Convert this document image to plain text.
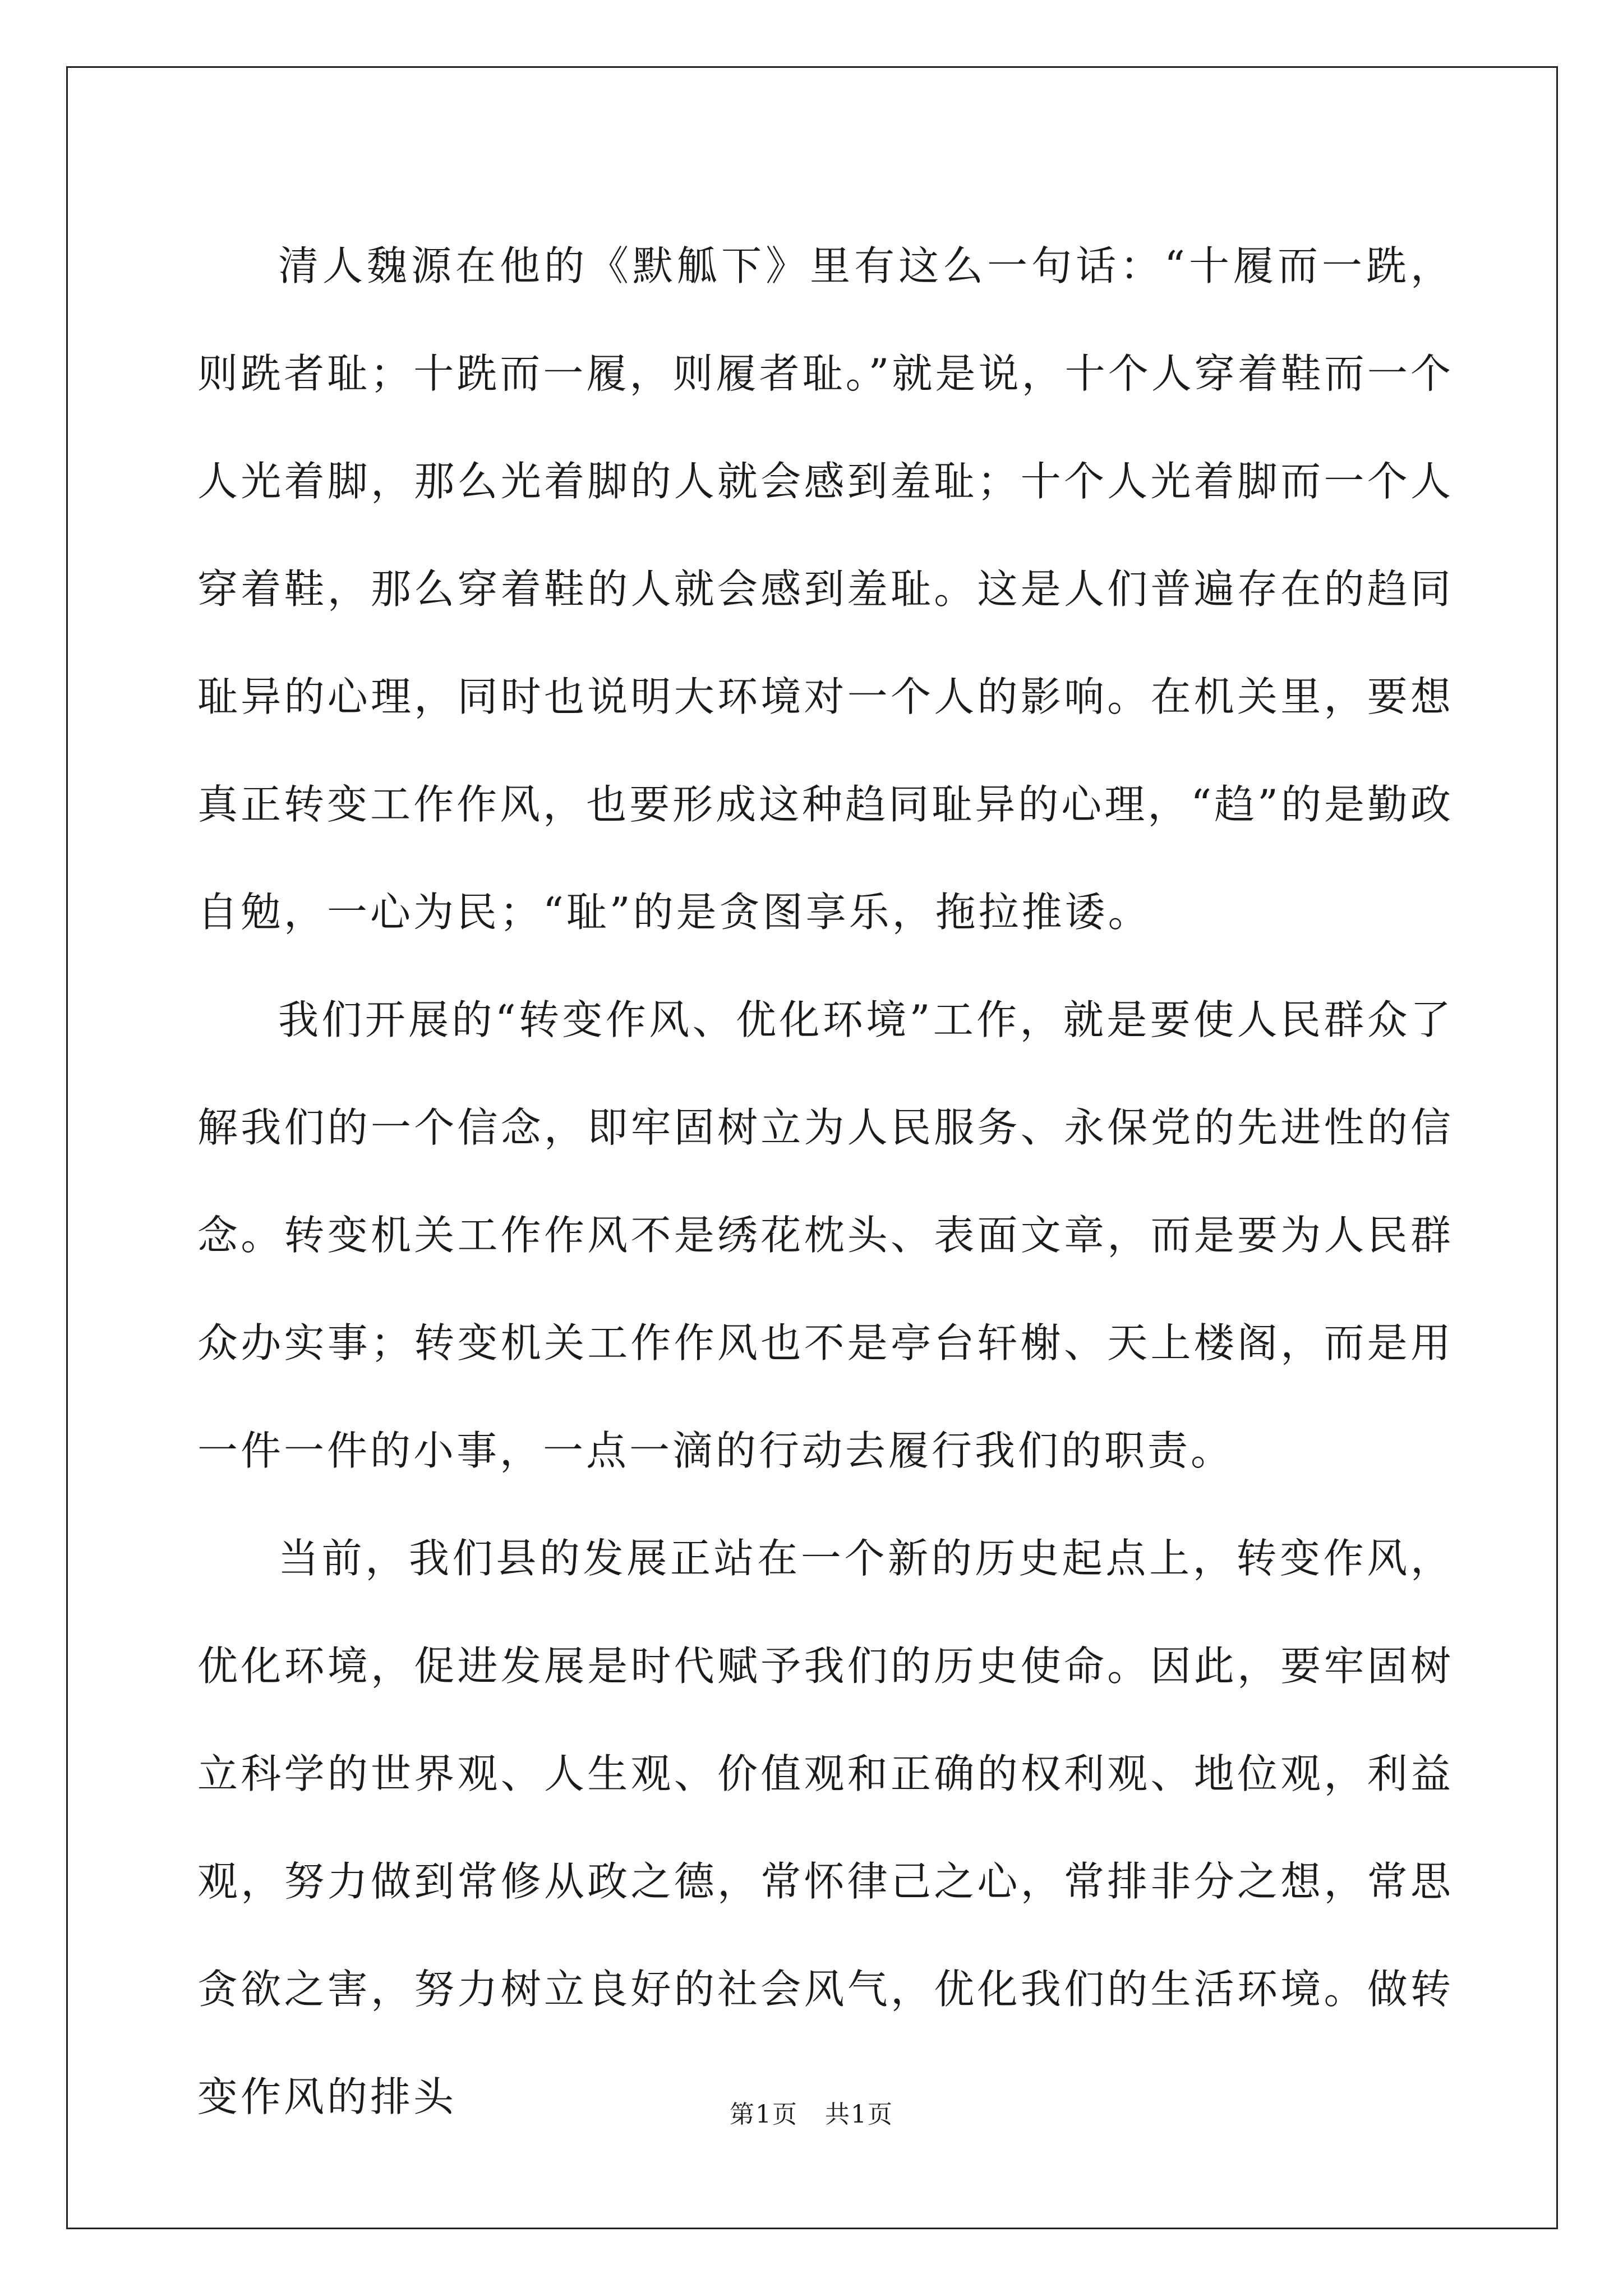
清人魏源在他的《默觚下》里有这么一句话：“十履而一跣，则跣者耻；十跣而一履，则履者耻。”就是说，十个人穿着鞋而一个人光着脚，那么光着脚的人就会感到羞耻；十个人光着脚而一个人穿着鞋，那么穿着鞋的人就会感到羞耻。这是人们普遍存在的趋同耻异的心理，同时也说明大环境对一个人的影响。在机关里，要想真正转变工作作风，也要形成这种趋同耻异的心理，“趋”的是勤政自勉，一心为民；“耻”的是贪图享乐，拖拉推诿。

我们开展的“转变作风、优化环境”工作，就是要使人民群众了解我们的一个信念，即牢固树立为人民服务、永保党的先进性的信念。转变机关工作作风不是绣花枕头、表面文章，而是要为人民群众办实事；转变机关工作作风也不是亭台轩榭、天上楼阁，而是用一件一件的小事，一点一滴的行动去履行我们的职责。

当前，我们县的发展正站在一个新的历史起点上，转变作风，优化环境，促进发展是时代赋予我们的历史使命。因此，要牢固树立科学的世界观、人生观、价值观和正确的权利观、地位观，利益观，努力做到常修从政之德，常怀律己之心，常排非分之想，常思贪欲之害，努力树立良好的社会风气，优化我们的生活环境。做转变作风的排头	第1页   共1页
